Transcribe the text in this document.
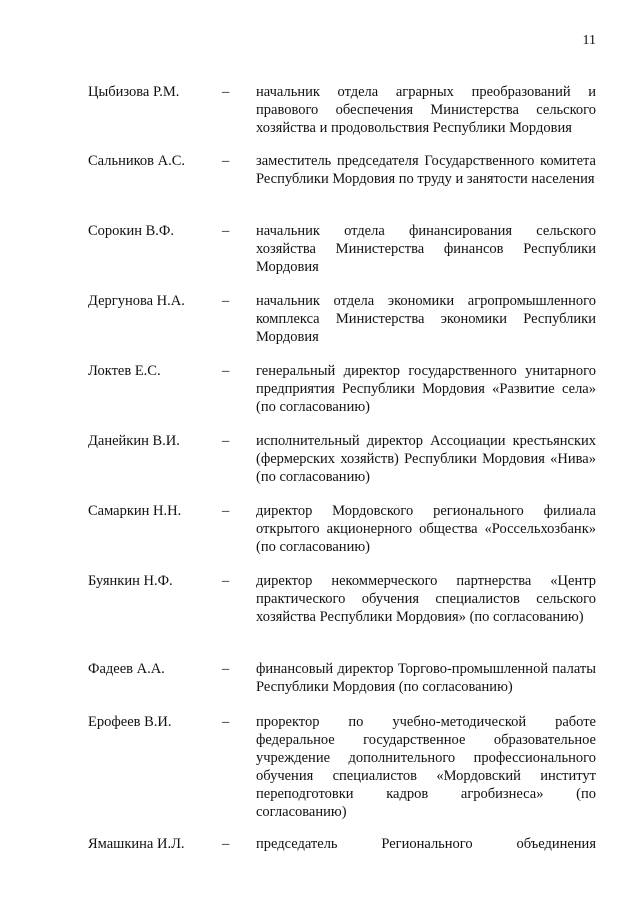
11
Цыбизова Р.М.	– начальник отдела аграрных преобразований и правового обеспечения Министерства сельского хозяйства и продовольствия Республики Мордовия
Сальников А.С.	– заместитель председателя Государственного комитета Республики Мордовия по труду и занятости населения
Сорокин В.Ф.	– начальник отдела финансирования сельского хозяйства Министерства финансов Республики Мордовия
Дергунова Н.А.	– начальник отдела экономики агропромышленного комплекса Министерства экономики Республики Мордовия
Локтев Е.С.	– генеральный директор государственного унитарного предприятия Республики Мордовия «Развитие села» (по согласованию)
Данейкин В.И.	– исполнительный директор Ассоциации крестьянских (фермерских хозяйств) Республики Мордовия «Нива» (по согласованию)
Самаркин Н.Н.	– директор Мордовского регионального филиала открытого акционерного общества «Россельхозбанк» (по согласованию)
Буянкин Н.Ф.	– директор некоммерческого партнерства «Центр практического обучения специалистов сельского хозяйства Республики Мордовия» (по согласованию)
Фадеев А.А.	– финансовый директор Торгово-промышленной палаты Республики Мордовия (по согласованию)
Ерофеев В.И.	– проректор по учебно-методической работе федеральное государственное образовательное учреждение дополнительного профессионального обучения специалистов «Мордовский институт переподготовки кадров агробизнеса» (по согласованию)
Ямашкина И.Л.	– председатель Регионального объединения
